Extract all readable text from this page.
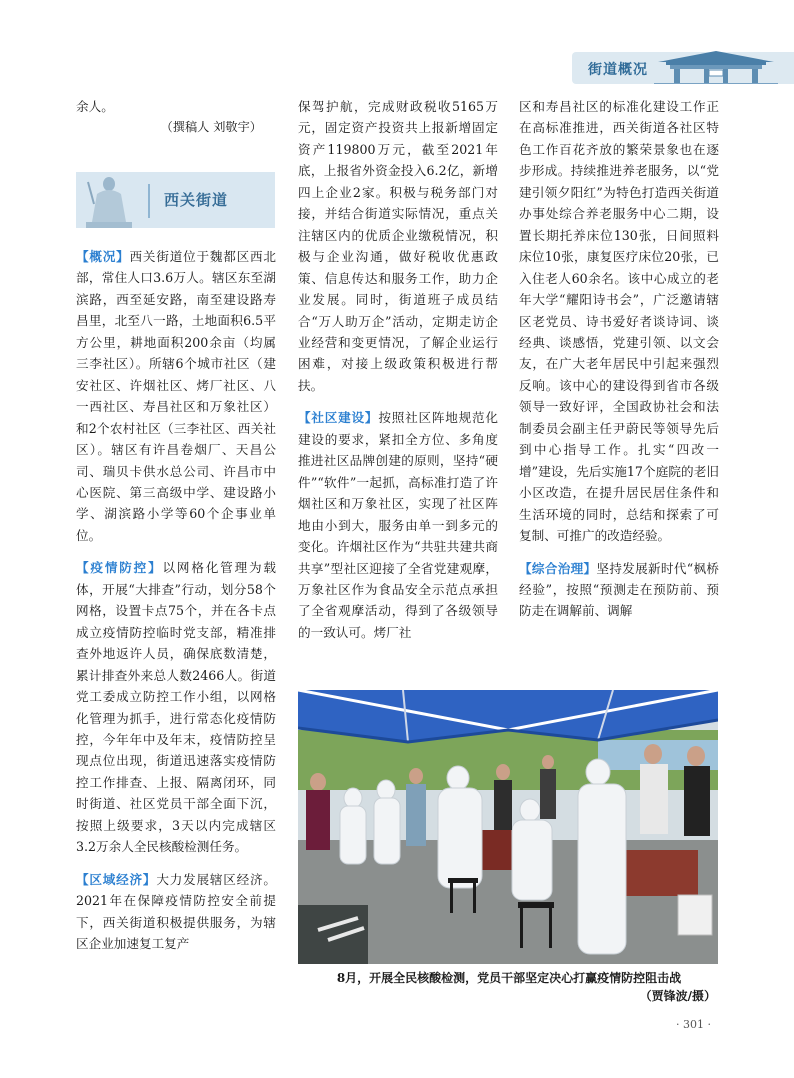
街道概况

余人。

（撰稿人 刘敬宇）

西关街道

【概况】西关街道位于魏都区西北部，常住人口3.6万人。辖区东至湖滨路，西至延安路，南至建设路寿昌里，北至八一路，土地面积6.5平方公里，耕地面积200余亩（均属三李社区）。所辖6个城市社区（建安社区、许烟社区、烤厂社区、八一西社区、寿昌社区和万象社区）和2个农村社区（三李社区、西关社区）。辖区有许昌卷烟厂、天昌公司、瑞贝卡供水总公司、许昌市中心医院、第三高级中学、建设路小学、湖滨路小学等60个企事业单位。

【疫情防控】以网格化管理为载体，开展“大排查”行动，划分58个网格，设置卡点75个，并在各卡点成立疫情防控临时党支部，精准排查外地返许人员，确保底数清楚，累计排查外来总人数2466人。街道党工委成立防控工作小组，以网格化管理为抓手，进行常态化疫情防控，今年年中及年末，疫情防控呈现点位出现，街道迅速落实疫情防控工作排查、上报、隔离闭环，同时街道、社区党员干部全面下沉，按照上级要求，3天以内完成辖区3.2万余人全民核酸检测任务。

【区域经济】大力发展辖区经济。2021年在保障疫情防控安全前提下，西关街道积极提供服务，为辖区企业加速复工复产

保驾护航，完成财政税收5165万元，固定资产投资共上报新增固定资产119800万元，截至2021年底，上报省外资金投入6.2亿，新增四上企业2家。积极与税务部门对接，并结合街道实际情况，重点关注辖区内的优质企业缴税情况，积极与企业沟通，做好税收优惠政策、信息传达和服务工作，助力企业发展。同时，街道班子成员结合“万人助万企”活动，定期走访企业经营和变更情况，了解企业运行困难，对接上级政策积极进行帮扶。

【社区建设】按照社区阵地规范化建设的要求，紧扣全方位、多角度推进社区品牌创建的原则，坚持“硬件”“软件”一起抓，高标准打造了许烟社区和万象社区，实现了社区阵地由小到大，服务由单一到多元的变化。许烟社区作为“共驻共建共商共享”型社区迎接了全省党建观摩，万象社区作为食品安全示范点承担了全省观摩活动，得到了各级领导的一致认可。烤厂社

区和寿昌社区的标准化建设工作正在高标准推进，西关街道各社区特色工作百花齐放的繁荣景象也在逐步形成。持续推进养老服务，以“党建引领夕阳红”为特色打造西关街道办事处综合养老服务中心二期，设置长期托养床位130张，日间照料床位10张，康复医疗床位20张，已入住老人60余名。该中心成立的老年大学“耀阳诗书会”，广泛邀请辖区老党员、诗书爱好者谈诗词、谈经典、谈感悟，党建引领、以文会友，在广大老年居民中引起来强烈反响。该中心的建设得到省市各级领导一致好评，全国政协社会和法制委员会副主任尹蔚民等领导先后到中心指导工作。扎实“四改一增”建设，先后实施17个庭院的老旧小区改造，在提升居民居住条件和生活环境的同时，总结和探索了可复制、可推广的改造经验。

【综合治理】坚持发展新时代“枫桥经验”，按照“预测走在预防前、预防走在调解前、调解

8月，开展全民核酸检测，党员干部坚定决心打赢疫情防控阻击战
（贾锋波/摄）
· 301 ·
